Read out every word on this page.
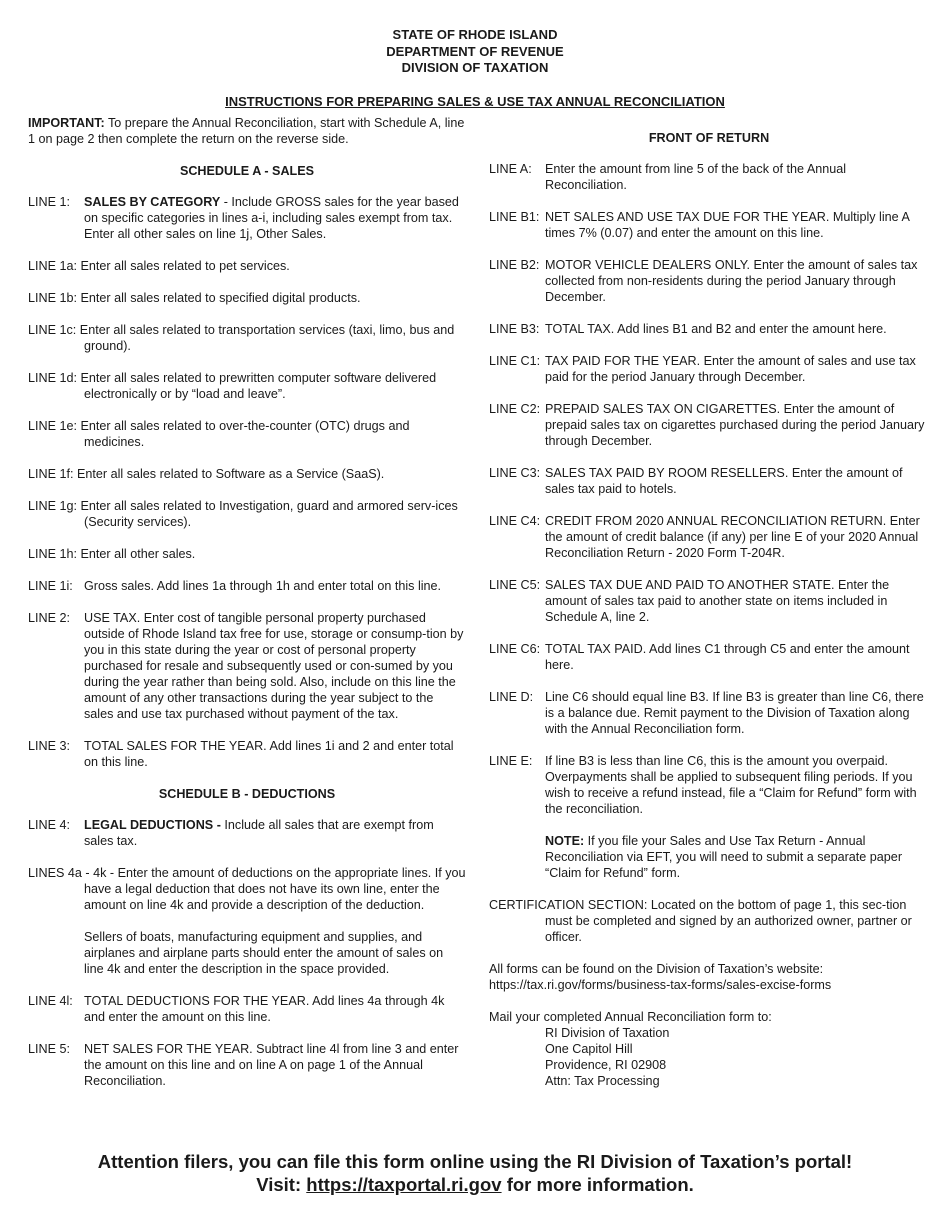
STATE OF RHODE ISLAND
DEPARTMENT OF REVENUE
DIVISION OF TAXATION
INSTRUCTIONS FOR PREPARING SALES & USE TAX ANNUAL RECONCILIATION

IMPORTANT: To prepare the Annual Reconciliation, start with Schedule A, line 1 on page 2 then complete the return on the reverse side.

SCHEDULE A - SALES
LINE 1:	SALES BY CATEGORY - Include GROSS sales for the year based on specific categories in lines a-i, including sales exempt from tax. Enter all other sales on line 1j, Other Sales.
LINE 1a: Enter all sales related to pet services.
LINE 1b: Enter all sales related to specified digital products.
LINE 1c: Enter all sales related to transportation services (taxi, limo, bus and ground).
LINE 1d: Enter all sales related to prewritten computer software delivered electronically or by “load and leave”.
LINE 1e: Enter all sales related to over-the-counter (OTC) drugs and medicines.
LINE 1f: Enter all sales related to Software as a Service (SaaS).
LINE 1g: Enter all sales related to Investigation, guard and armored serv-ices (Security services).
LINE 1h: Enter all other sales.
LINE 1i: Gross sales. Add lines 1a through 1h and enter total on this line.
LINE 2:	USE TAX. Enter cost of tangible personal property purchased outside of Rhode Island tax free for use, storage or consump-tion by you in this state during the year or cost of personal property purchased for resale and subsequently used or con-sumed by you during the year rather than being sold. Also, include on this line the amount of any other transactions during the year subject to the sales and use tax purchased without payment of the tax.
LINE 3:	TOTAL SALES FOR THE YEAR. Add lines 1i and 2 and enter total on this line.
SCHEDULE B - DEDUCTIONS
LINE 4:	LEGAL DEDUCTIONS - Include all sales that are exempt from sales tax.
LINES 4a - 4k - Enter the amount of deductions on the appropriate lines. If you have a legal deduction that does not have its own line, enter the amount on line 4k and provide a description of the deduction.
Sellers of boats, manufacturing equipment and supplies, and airplanes and airplane parts should enter the amount of sales on line 4k and enter the description in the space provided.
LINE 4l: TOTAL DEDUCTIONS FOR THE YEAR. Add lines 4a through 4k and enter the amount on this line.
LINE 5:	NET SALES FOR THE YEAR. Subtract line 4l from line 3 and enter the amount on this line and on line A on page 1 of the Annual Reconciliation.
FRONT OF RETURN
LINE A:	Enter the amount from line 5 of the back of the Annual Reconciliation.
LINE B1: NET SALES AND USE TAX DUE FOR THE YEAR. Multiply line A times 7% (0.07) and enter the amount on this line.
LINE B2: MOTOR VEHICLE DEALERS ONLY. Enter the amount of sales tax collected from non-residents during the period January through December.
LINE B3: TOTAL TAX. Add lines B1 and B2 and enter the amount here.
LINE C1: TAX PAID FOR THE YEAR. Enter the amount of sales and use tax paid for the period January through December.
LINE C2: PREPAID SALES TAX ON CIGARETTES. Enter the amount of prepaid sales tax on cigarettes purchased during the period January through December.
LINE C3: SALES TAX PAID BY ROOM RESELLERS. Enter the amount of sales tax paid to hotels.
LINE C4: CREDIT FROM 2020 ANNUAL RECONCILIATION RETURN. Enter the amount of credit balance (if any) per line E of your 2020 Annual Reconciliation Return - 2020 Form T-204R.
LINE C5: SALES TAX DUE AND PAID TO ANOTHER STATE. Enter the amount of sales tax paid to another state on items included in Schedule A, line 2.
LINE C6: TOTAL TAX PAID. Add lines C1 through C5 and enter the amount here.
LINE D: Line C6 should equal line B3. If line B3 is greater than line C6, there is a balance due. Remit payment to the Division of Taxation along with the Annual Reconciliation form.
LINE E: If line B3 is less than line C6, this is the amount you overpaid. Overpayments shall be applied to subsequent filing periods. If you wish to receive a refund instead, file a “Claim for Refund” form with the reconciliation.
NOTE: If you file your Sales and Use Tax Return - Annual Reconciliation via EFT, you will need to submit a separate paper “Claim for Refund” form.
CERTIFICATION SECTION: Located on the bottom of page 1, this sec-tion must be completed and signed by an authorized owner, partner or officer.
All forms can be found on the Division of Taxation’s website:
https://tax.ri.gov/forms/business-tax-forms/sales-excise-forms
Mail your completed Annual Reconciliation form to:
RI Division of Taxation
One Capitol Hill
Providence, RI 02908
Attn: Tax Processing
Attention filers, you can file this form online using the RI Division of Taxation’s portal!
Visit: https://taxportal.ri.gov for more information.
